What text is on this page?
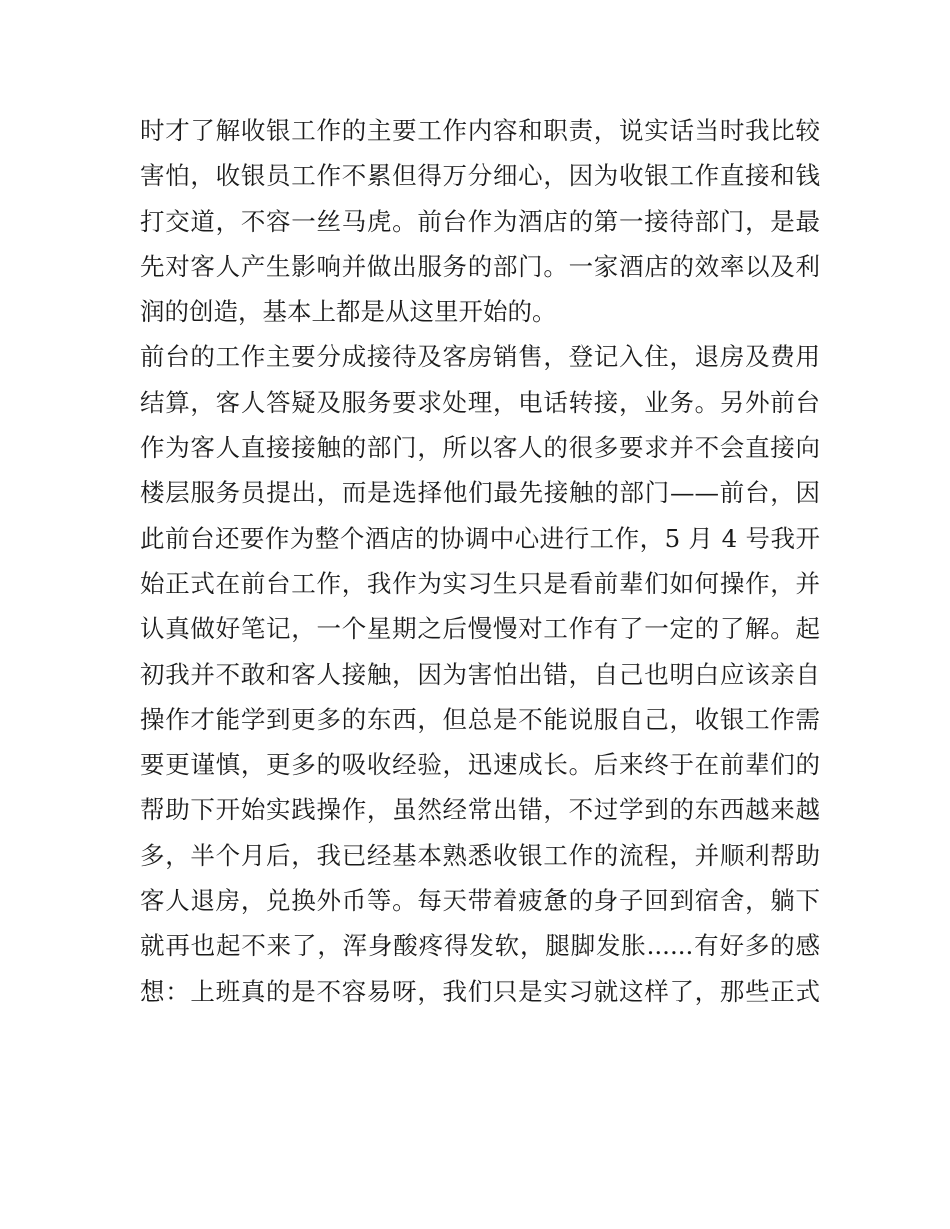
时才了解收银工作的主要工作内容和职责，说实话当时我比较
害怕，收银员工作不累但得万分细心，因为收银工作直接和钱
打交道，不容一丝马虎。前台作为酒店的第一接待部门，是最
先对客人产生影响并做出服务的部门。一家酒店的效率以及利
润的创造，基本上都是从这里开始的。
前台的工作主要分成接待及客房销售，登记入住，退房及费用
结算，客人答疑及服务要求处理，电话转接，业务。另外前台
作为客人直接接触的部门，所以客人的很多要求并不会直接向
楼层服务员提出，而是选择他们最先接触的部门——前台，因
此前台还要作为整个酒店的协调中心进行工作，5 月 4 号我开
始正式在前台工作，我作为实习生只是看前辈们如何操作，并
认真做好笔记，一个星期之后慢慢对工作有了一定的了解。起
初我并不敢和客人接触，因为害怕出错，自己也明白应该亲自
操作才能学到更多的东西，但总是不能说服自己，收银工作需
要更谨慎，更多的吸收经验，迅速成长。后来终于在前辈们的
帮助下开始实践操作，虽然经常出错，不过学到的东西越来越
多，半个月后，我已经基本熟悉收银工作的流程，并顺利帮助
客人退房，兑换外币等。每天带着疲惫的身子回到宿舍，躺下
就再也起不来了，浑身酸疼得发软，腿脚发胀......有好多的感
想：上班真的是不容易呀，我们只是实习就这样了，那些正式
